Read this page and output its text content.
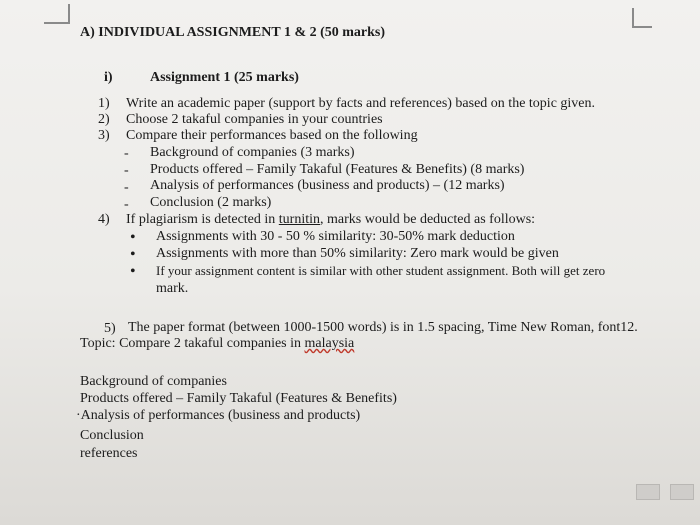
A) INDIVIDUAL ASSIGNMENT 1 & 2 (50 marks)
i)	Assignment 1 (25 marks)
1) Write an academic paper (support by facts and references) based on the topic given.
2) Choose 2 takaful companies in your countries
3) Compare their performances based on the following
- Background of companies (3 marks)
- Products offered – Family Takaful (Features & Benefits) (8 marks)
- Analysis of performances (business and products) – (12 marks)
- Conclusion (2 marks)
4) If plagiarism is detected in turnitin, marks would be deducted as follows:
• Assignments with 30 - 50 % similarity: 30-50% mark deduction
• Assignments with more than 50% similarity: Zero mark would be given
• If your assignment content is similar with other student assignment. Both will get zero
mark.
5) The paper format (between 1000-1500 words) is in 1.5 spacing, Time New Roman, font12.
Topic: Compare 2 takaful companies in malaysia
Background of companies
Products offered – Family Takaful (Features & Benefits)
·Analysis of performances (business and products)
Conclusion
references
